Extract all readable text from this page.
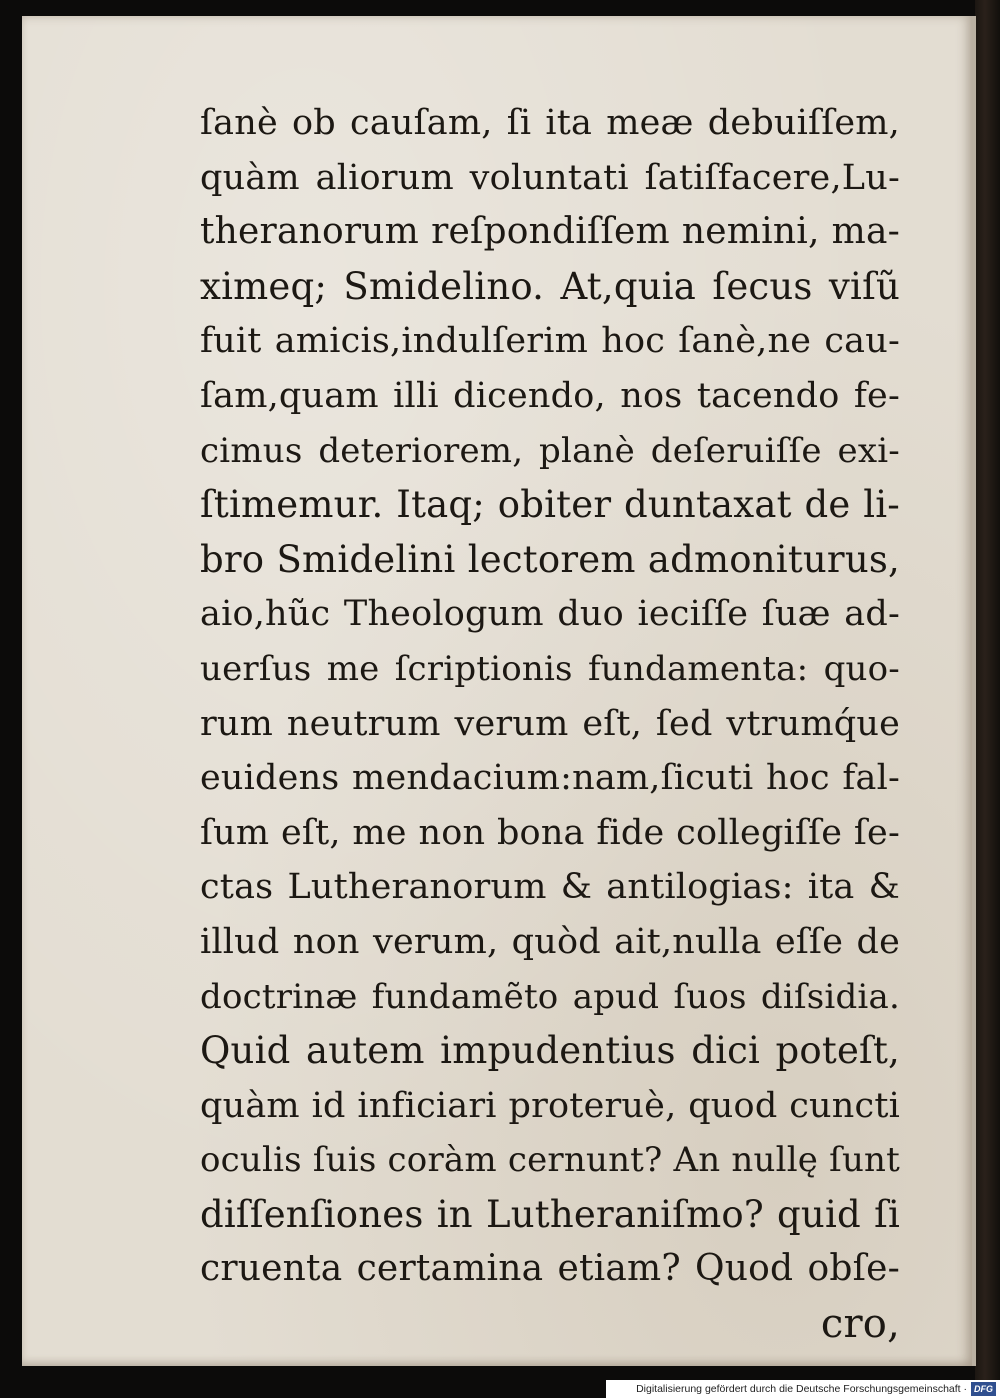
ſanè ob cauſam, ſi ita meæ debuiſſem,
quàm aliorum voluntati ſatiſfacere,Lu-
theranorum reſpondiſſem nemini, ma-
ximeq; Smidelino. At,quia ſecus viſũ
fuit amicis,indulſerim hoc ſanè,ne cau-
ſam,quam illi dicendo, nos tacendo fe-
cimus deteriorem, planè deſeruiſſe exi-
ſtimemur. Itaq; obiter duntaxat de li-
bro Smidelini lectorem admoniturus,
aio,hũc Theologum duo ieciſſe ſuæ ad-
uerſus me ſcriptionis fundamenta: quo-
rum neutrum verum eſt, ſed vtrumq́ue
euidens mendacium:nam,ſicuti hoc fal-
ſum eſt, me non bona fide collegiſſe ſe-
ctas Lutheranorum & antilogias: ita &
illud non verum, quòd ait,nulla eſſe de
doctrinæ fundamẽto apud ſuos diſsidia.
Quid autem impudentius dici poteſt,
quàm id inficiari proteruè, quod cuncti
oculis ſuis coràm cernunt? An nullę ſunt
diſſenſiones in Lutheraniſmo? quid ſi
cruenta certamina etiam? Quod obſe-
cro,
Digitalisierung gefördert durch die Deutsche Forschungsgemeinschaft · DFG
